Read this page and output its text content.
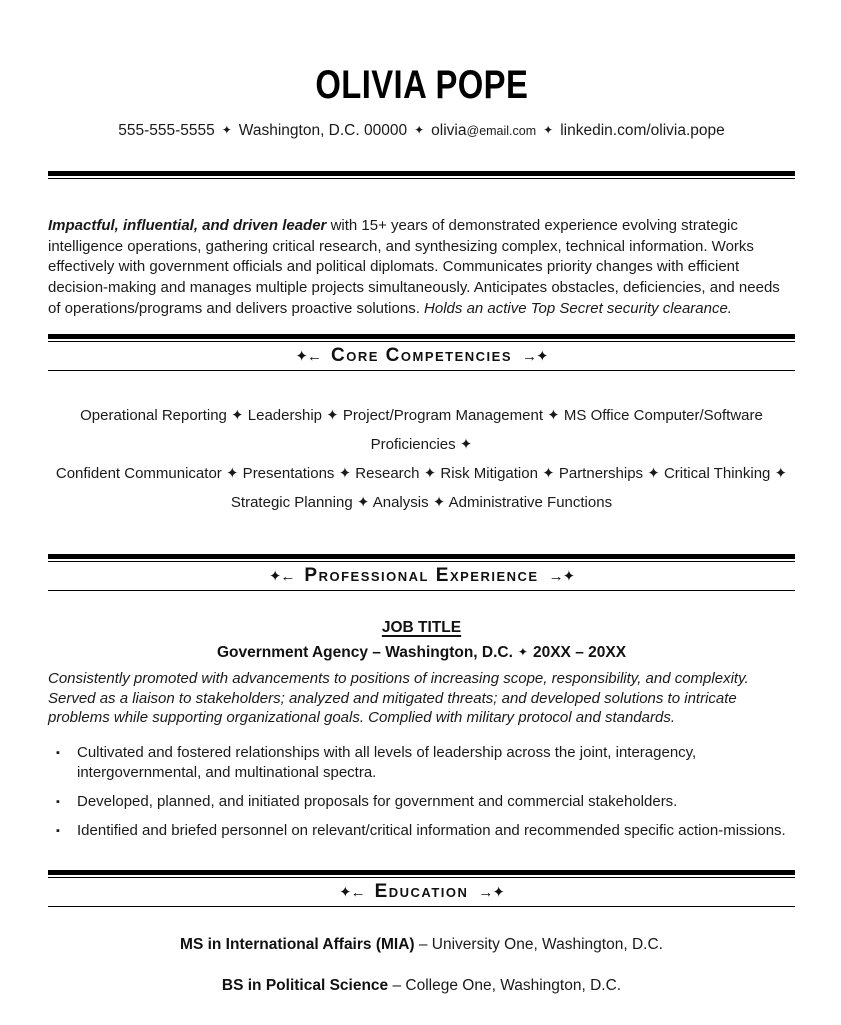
OLIVIA POPE
555-555-5555 ✦ Washington, D.C. 00000 ✦ olivia@email.com ✦ linkedin.com/olivia.pope

Impactful, influential, and driven leader with 15+ years of demonstrated experience evolving strategic intelligence operations, gathering critical research, and synthesizing complex, technical information. Works effectively with government officials and political diplomats. Communicates priority changes with efficient decision-making and manages multiple projects simultaneously. Anticipates obstacles, deficiencies, and needs of operations/programs and delivers proactive solutions. Holds an active Top Secret security clearance.

✦← Core Competencies →✦
Operational Reporting ✦ Leadership ✦ Project/Program Management ✦ MS Office Computer/Software Proficiencies ✦
Confident Communicator ✦ Presentations ✦ Research ✦ Risk Mitigation ✦ Partnerships ✦ Critical Thinking ✦
Strategic Planning ✦ Analysis ✦ Administrative Functions
✦← Professional Experience →✦
JOB TITLE
Government Agency – Washington, D.C. ✦ 20XX – 20XX

Consistently promoted with advancements to positions of increasing scope, responsibility, and complexity. Served as a liaison to stakeholders; analyzed and mitigated threats; and developed solutions to intricate problems while supporting organizational goals. Complied with military protocol and standards.

▪ Cultivated and fostered relationships with all levels of leadership across the joint, interagency, intergovernmental, and multinational spectra.
▪ Developed, planned, and initiated proposals for government and commercial stakeholders.
▪ Identified and briefed personnel on relevant/critical information and recommended specific action-missions.
✦← Education →✦
MS in International Affairs (MIA) – University One, Washington, D.C.
BS in Political Science – College One, Washington, D.C.
